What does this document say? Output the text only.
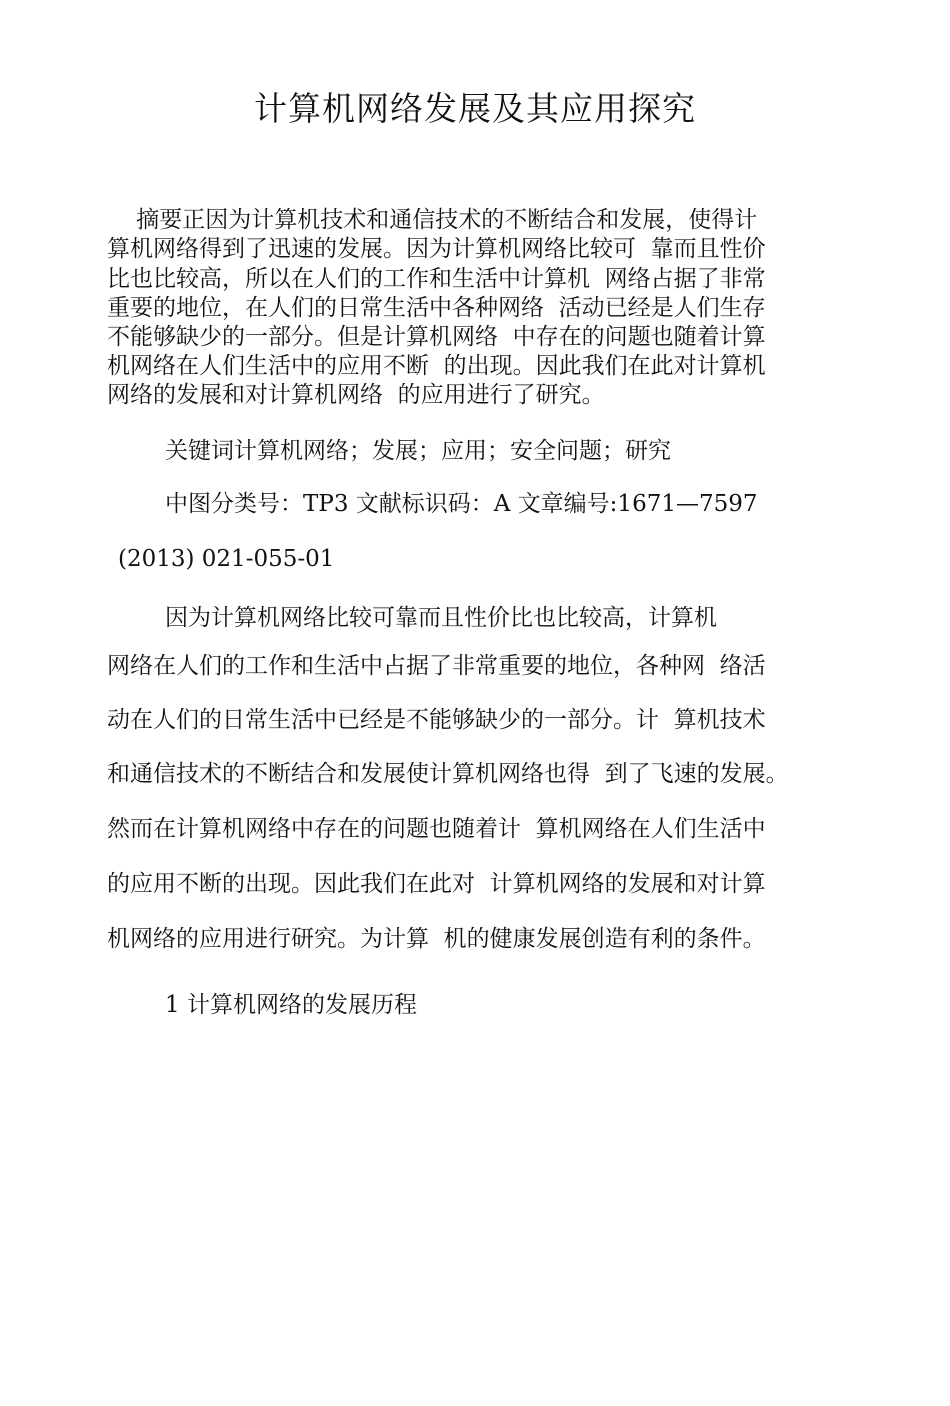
计算机网络发展及其应用探究
摘要正因为计算机技术和通信技术的不断结合和发展，使得计
算机网络得到了迅速的发展。因为计算机网络比较可  靠而且性价
比也比较高，所以在人们的工作和生活中计算机  网络占据了非常
重要的地位，在人们的日常生活中各种网络  活动已经是人们生存
不能够缺少的一部分。但是计算机网络  中存在的问题也随着计算
机网络在人们生活中的应用不断  的出现。因此我们在此对计算机
网络的发展和对计算机网络  的应用进行了研究。
关键词计算机网络；发展；应用；安全问题；研究
中图分类号：TP3 文献标识码：A 文章编号:1671—7597
(2013) 021-055-01
因为计算机网络比较可靠而且性价比也比较高，计算机
网络在人们的工作和生活中占据了非常重要的地位，各种网  络活
动在人们的日常生活中已经是不能够缺少的一部分。计  算机技术
和通信技术的不断结合和发展使计算机网络也得  到了飞速的发展。
然而在计算机网络中存在的问题也随着计  算机网络在人们生活中
的应用不断的出现。因此我们在此对  计算机网络的发展和对计算
机网络的应用进行研究。为计算  机的健康发展创造有利的条件。
1 计算机网络的发展历程
